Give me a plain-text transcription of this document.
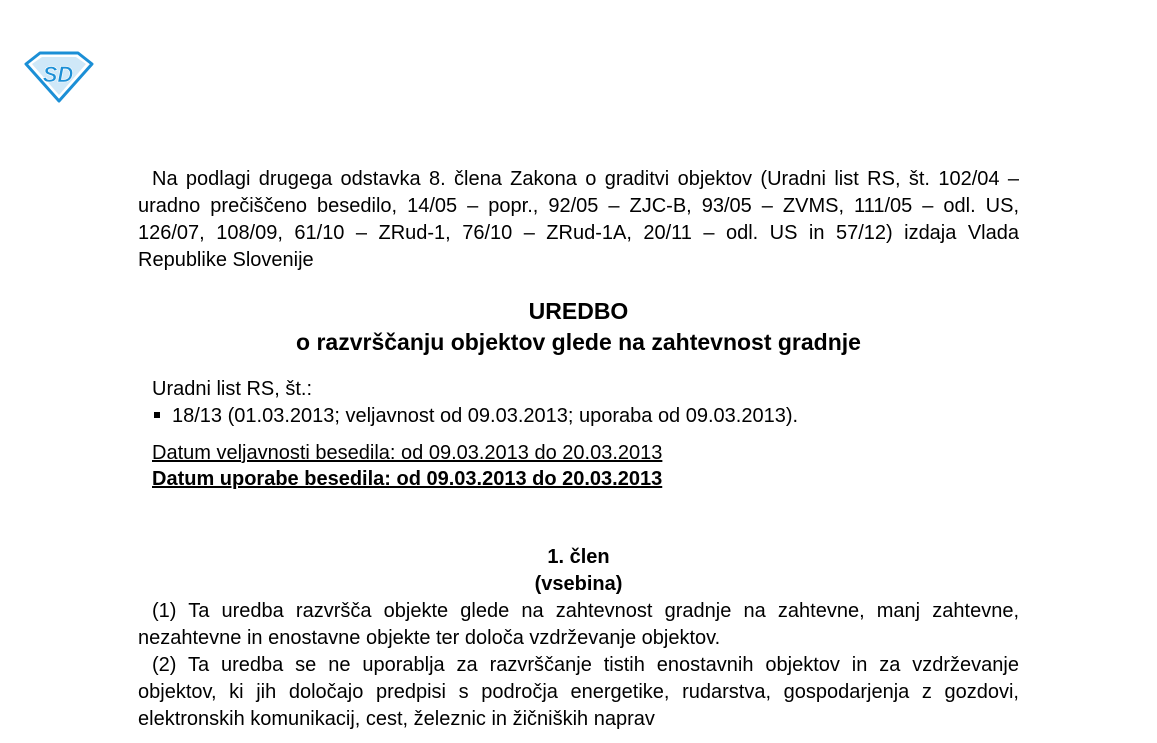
SD

Na podlagi drugega odstavka 8. člena Zakona o graditvi objektov (Uradni list RS, št. 102/04 – uradno prečiščeno besedilo, 14/05 – popr., 92/05 – ZJC-B, 93/05 – ZVMS, 111/05 – odl. US, 126/07, 108/09, 61/10 – ZRud-1, 76/10 – ZRud-1A, 20/11 – odl. US in 57/12) izdaja Vlada Republike Slovenije

UREDBO

o razvrščanju objektov glede na zahtevnost gradnje

Uradni list RS, št.:

18/13 (01.03.2013; veljavnost od 09.03.2013; uporaba od 09.03.2013).

Datum veljavnosti besedila: od 09.03.2013 do 20.03.2013

Datum uporabe besedila: od 09.03.2013 do 20.03.2013

1. člen

(vsebina)

(1) Ta uredba razvršča objekte glede na zahtevnost gradnje na zahtevne, manj zahtevne, nezahtevne in enostavne objekte ter določa vzdrževanje objektov.

(2) Ta uredba se ne uporablja za razvrščanje tistih enostavnih objektov in za vzdrževanje objektov, ki jih določajo predpisi s področja energetike, rudarstva, gospodarjenja z gozdovi, elektronskih komunikacij, cest, železnic in žičniških naprav
